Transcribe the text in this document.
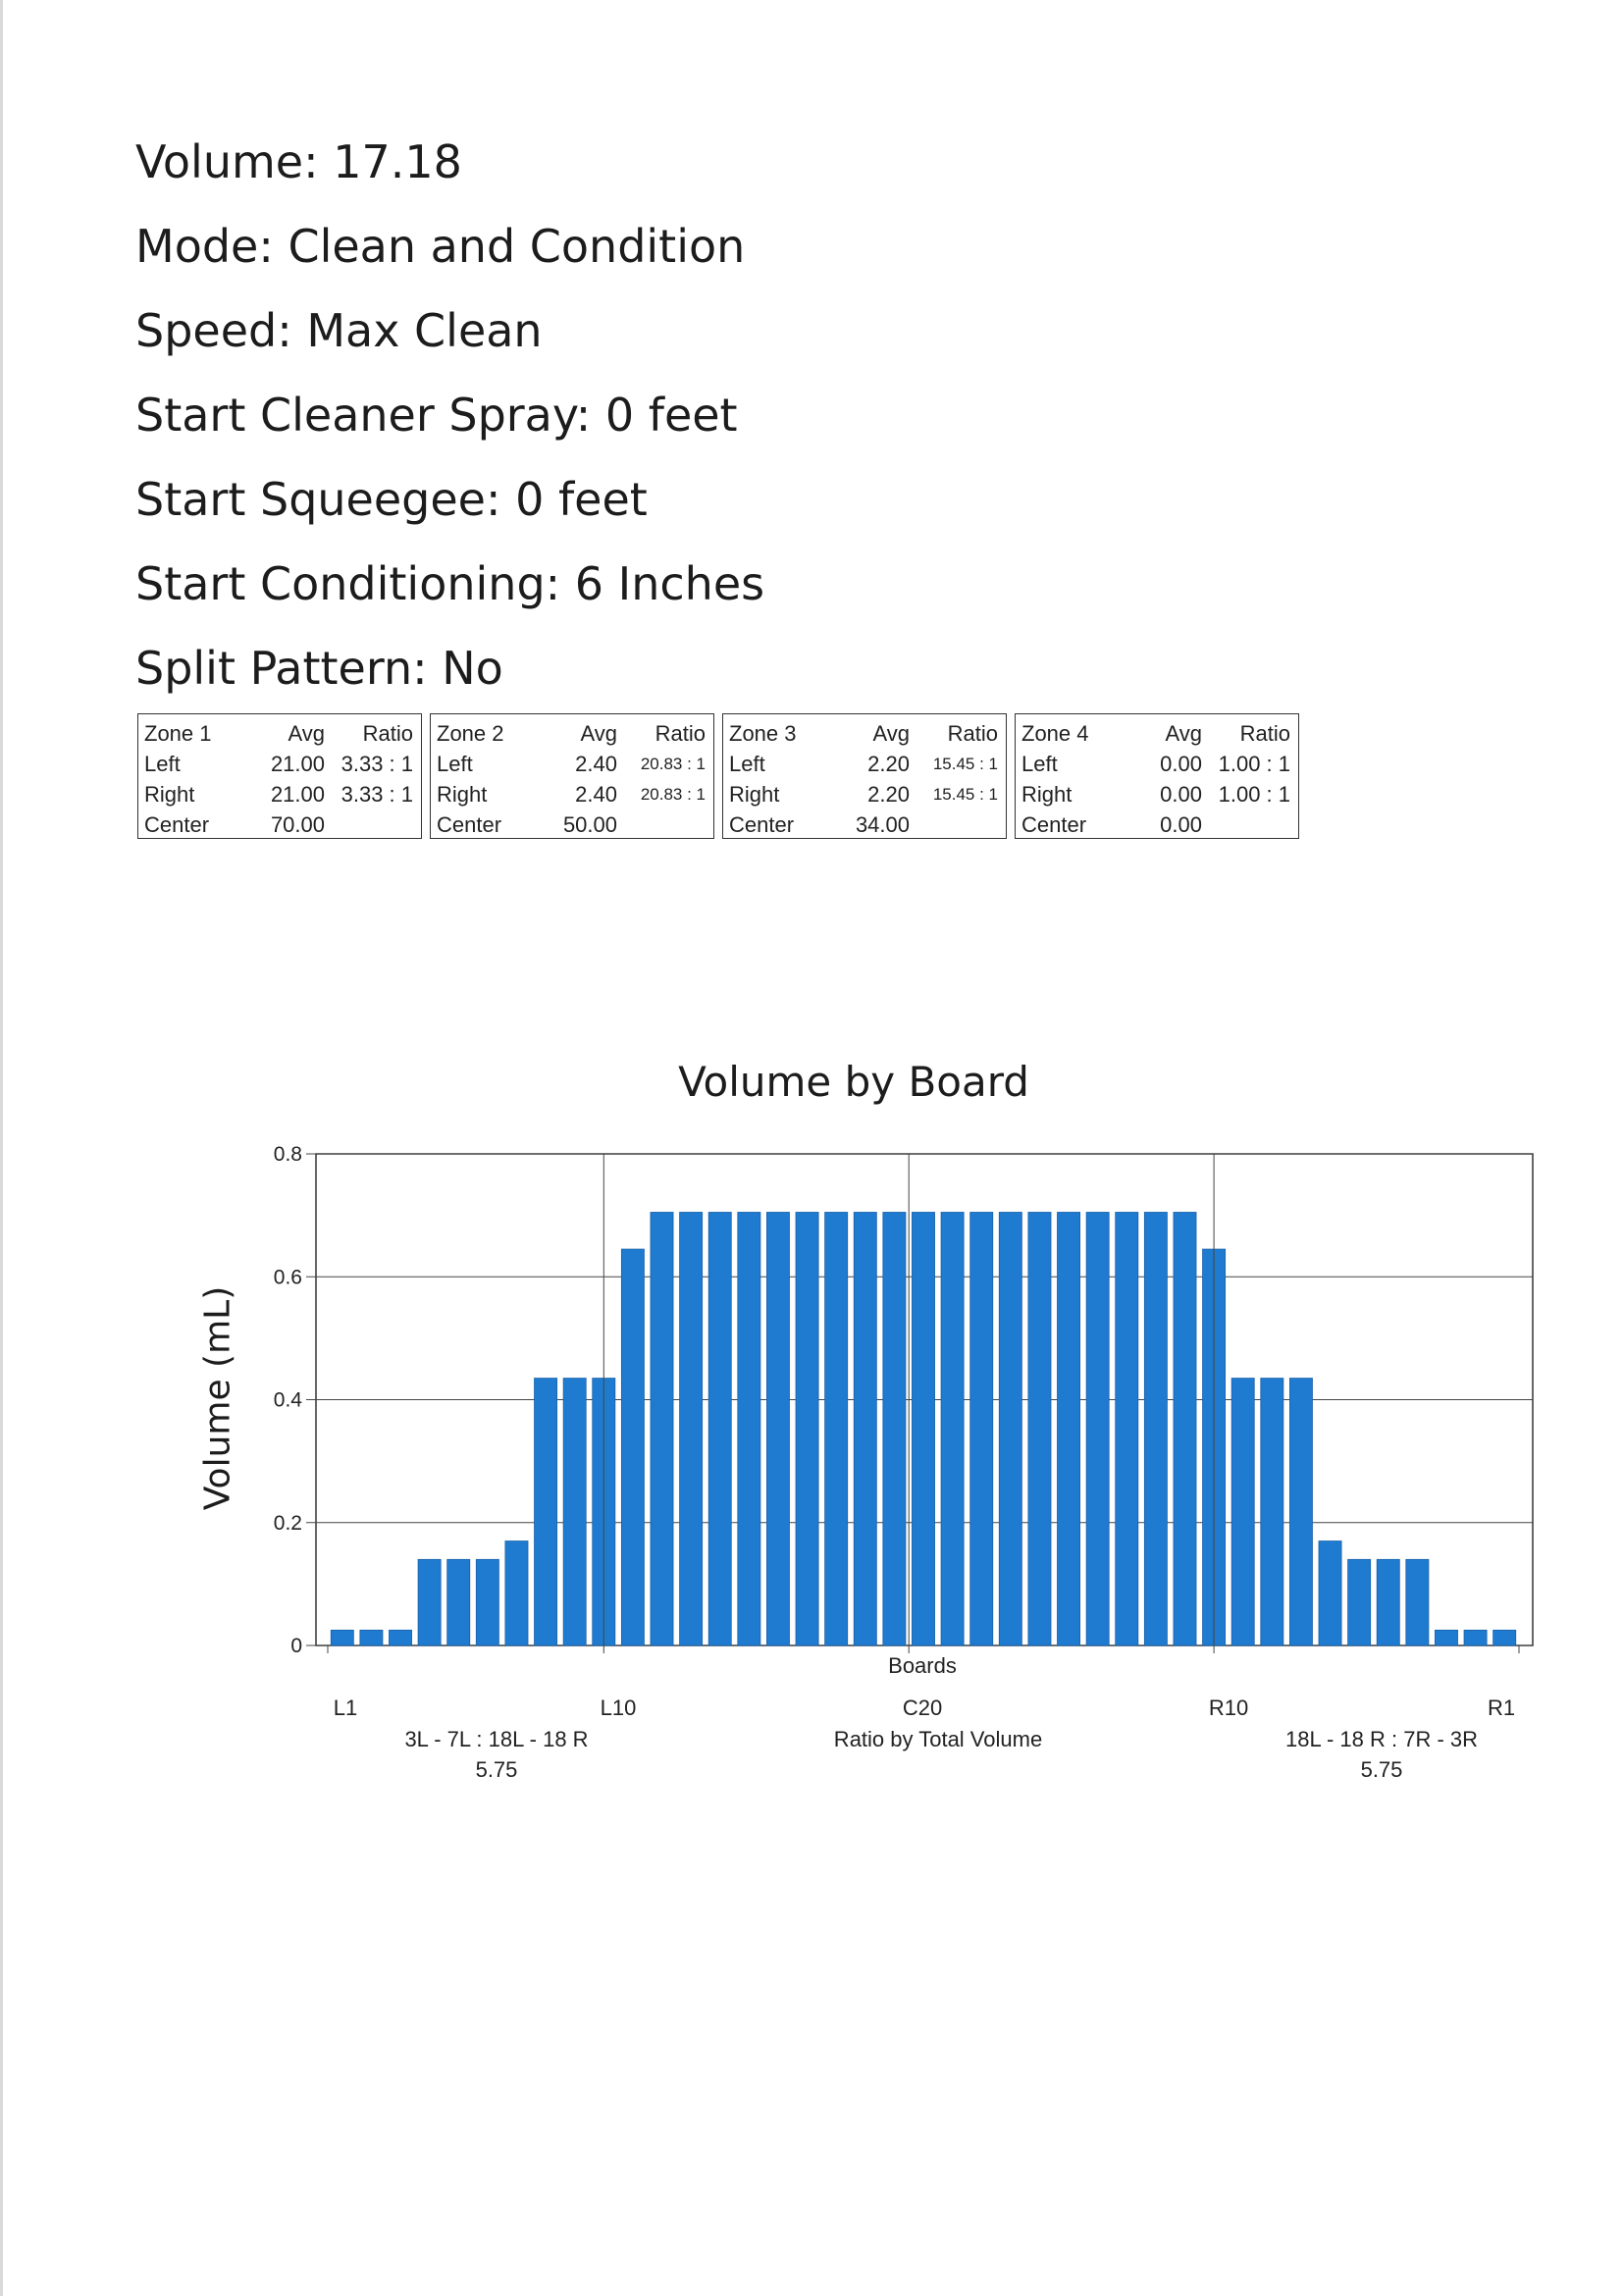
Volume: 17.18
Mode: Clean and Condition
Speed: Max Clean
Start Cleaner Spray: 0 feet
Start Squeegee: 0 feet
Start Conditioning: 6 Inches
Split Pattern: No
Zone 1	Avg	Ratio
Left	21.00 3.33 : 1
Right	21.00 3.33 : 1
Center	70.00
Zone 2	Avg	Ratio
Left	2.40	20.83 : 1
Right	2.40	20.83 : 1
Center	50.00
Zone 3	Avg	Ratio
Left	2.20	15.45 : 1
Right	2.20	15.45 : 1
Center	34.00
Zone 4	Avg	Ratio
Left	0.00 1.00 : 1
Right	0.00 1.00 : 1
Center	0.00
Volume by Board
Volume (mL)
0
0.2
0.4
0.6
0.8
L1	L10	C20	R10	R1
Boards
3L - 7L : 18L - 18 R
5.75
Ratio by Total Volume	18L - 18 R : 7R - 3R
5.75
